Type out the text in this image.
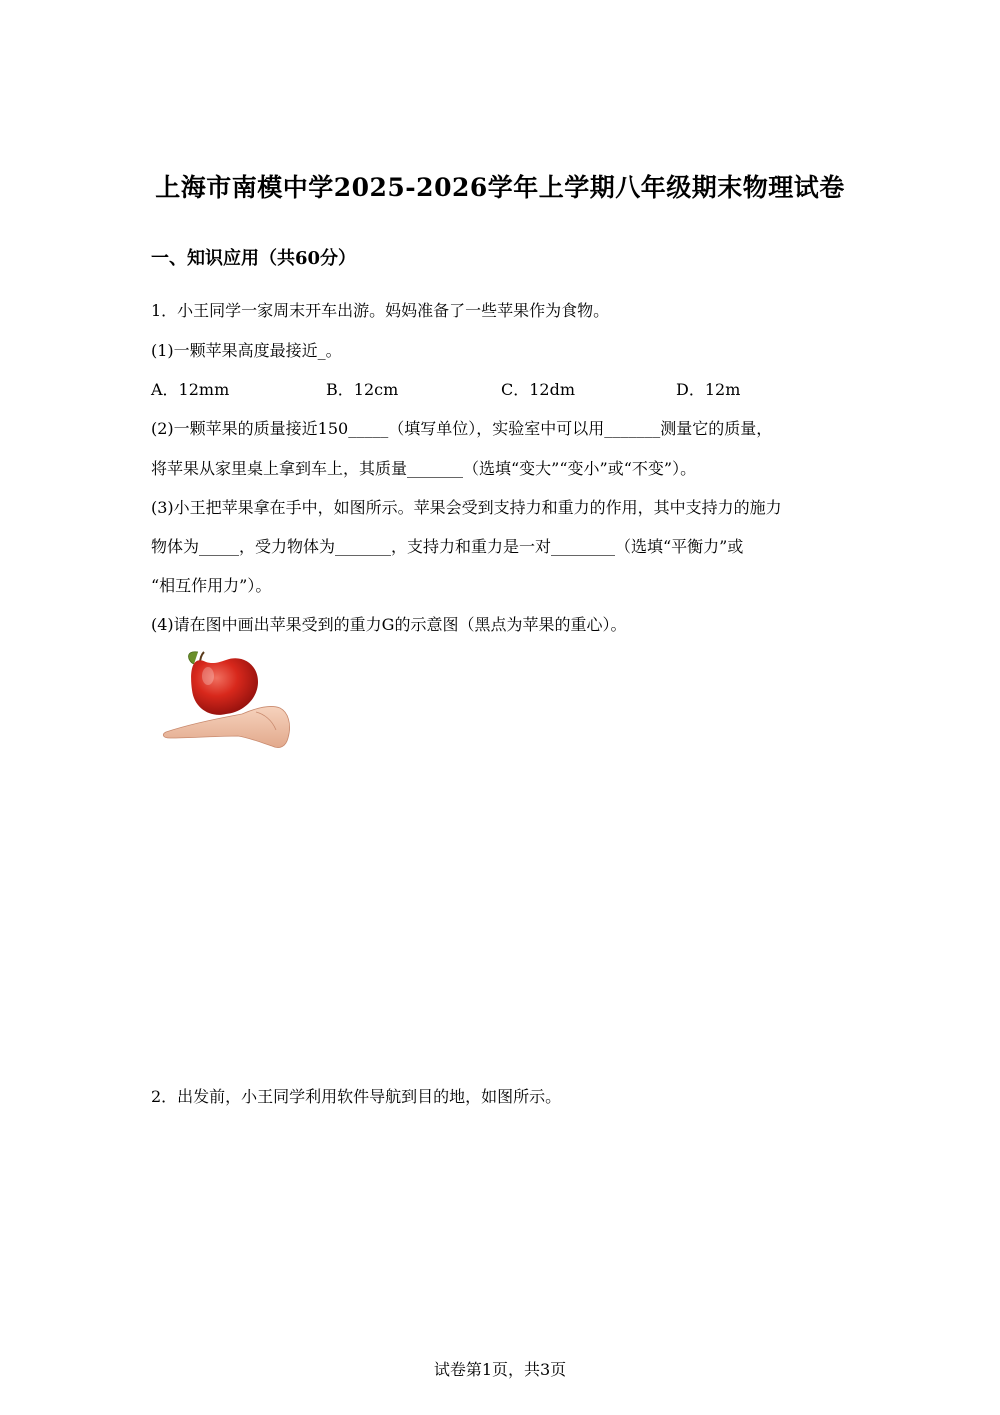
上海市南模中学2025-2026学年上学期八年级期末物理试卷
一、知识应用（共60分）
1．小王同学一家周末开车出游。妈妈准备了一些苹果作为食物。
(1)一颗苹果高度最接近_。
A．12mm	B．12cm	C．12dm	D．12m
(2)一颗苹果的质量接近150_____（填写单位），实验室中可以用_______测量它的质量，
将苹果从家里桌上拿到车上，其质量_______（选填“变大”“变小”或“不变”）。
(3)小王把苹果拿在手中，如图所示。苹果会受到支持力和重力的作用，其中支持力的施力
物体为_____，受力物体为_______，支持力和重力是一对________（选填“平衡力”或
“相互作用力”）。
(4)请在图中画出苹果受到的重力G的示意图（黑点为苹果的重心）。
2．出发前，小王同学利用软件导航到目的地，如图所示。
试卷第1页，共3页
